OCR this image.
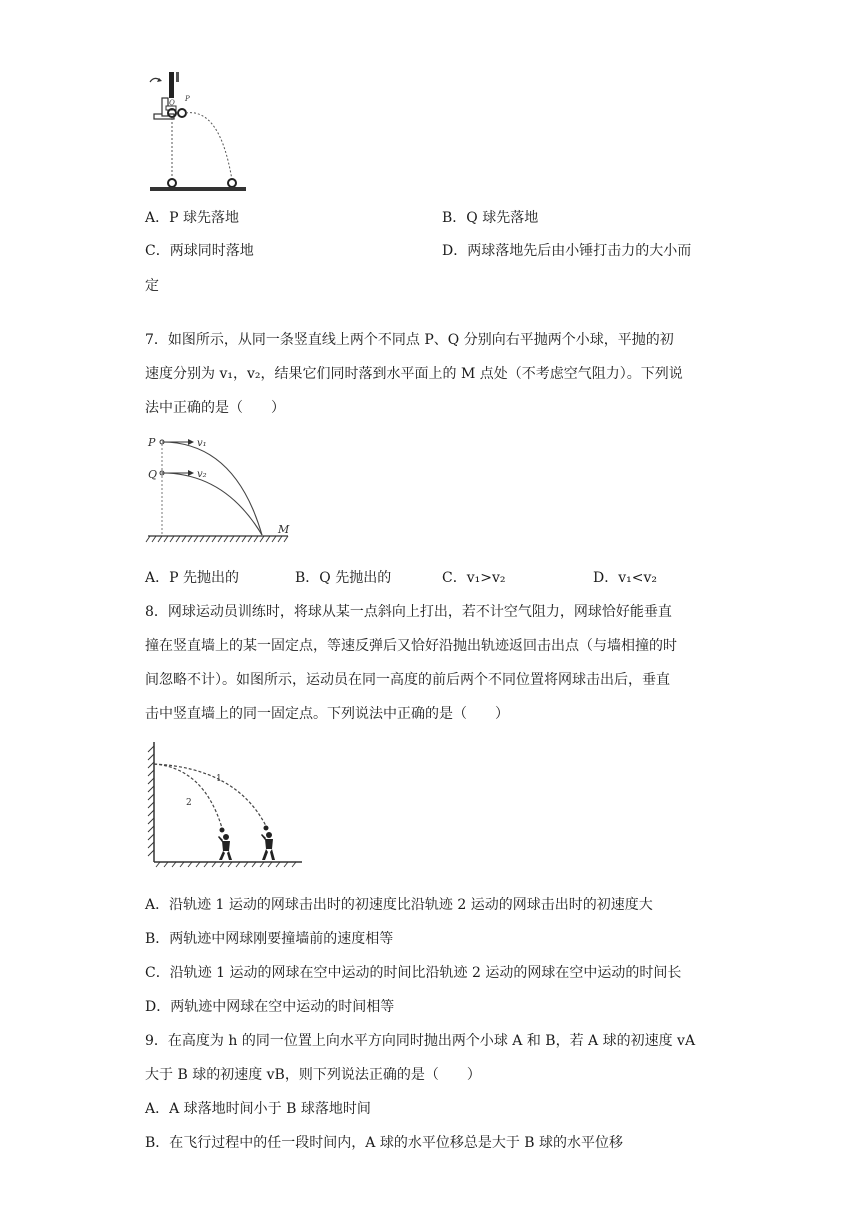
Q P
A．P 球先落地	B．Q 球先落地
C．两球同时落地	D．两球落地先后由小锤打击力的大小而
定
7．如图所示，从同一条竖直线上两个不同点 P、Q 分别向右平抛两个小球，平抛的初
速度分别为 v₁，v₂，结果它们同时落到水平面上的 M 点处（不考虑空气阻力）。下列说
法中正确的是（　　）
P
Q
v₁
v₂
M
A．P 先抛出的	B．Q 先抛出的	C．v₁>v₂	D．v₁<v₂
8．网球运动员训练时，将球从某一点斜向上打出，若不计空气阻力，网球恰好能垂直
撞在竖直墙上的某一固定点，等速反弹后又恰好沿抛出轨迹返回击出点（与墙相撞的时
间忽略不计）。如图所示，运动员在同一高度的前后两个不同位置将网球击出后，垂直
击中竖直墙上的同一固定点。下列说法中正确的是（　　）
1
2
A．沿轨迹 1 运动的网球击出时的初速度比沿轨迹 2 运动的网球击出时的初速度大
B．两轨迹中网球刚要撞墙前的速度相等
C．沿轨迹 1 运动的网球在空中运动的时间比沿轨迹 2 运动的网球在空中运动的时间长
D．两轨迹中网球在空中运动的时间相等
9．在高度为 h 的同一位置上向水平方向同时抛出两个小球 A 和 B，若 A 球的初速度 vA
大于 B 球的初速度 vB，则下列说法正确的是（　　）
A．A 球落地时间小于 B 球落地时间
B．在飞行过程中的任一段时间内，A 球的水平位移总是大于 B 球的水平位移
